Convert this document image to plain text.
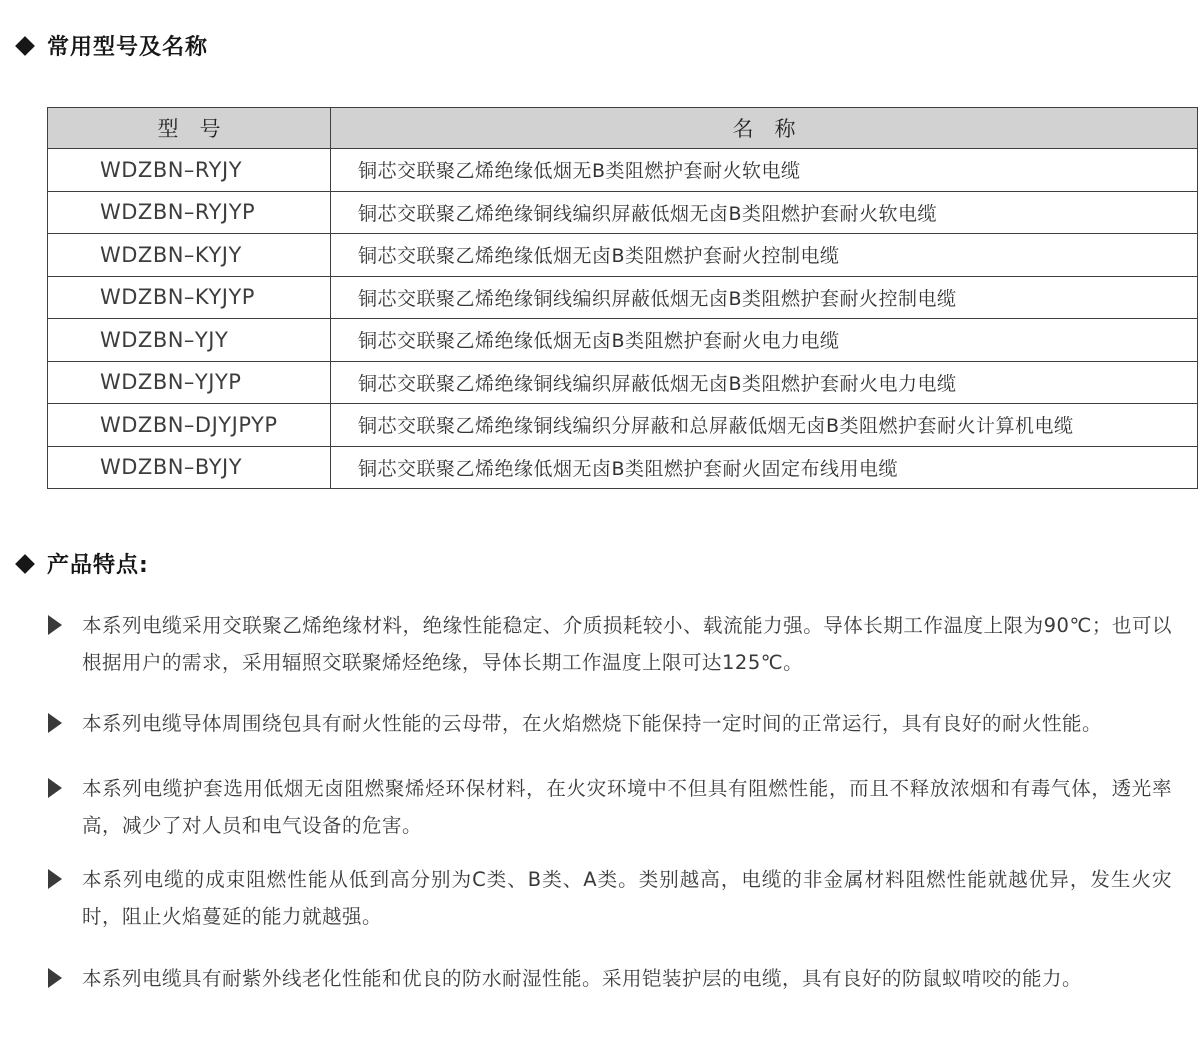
常用型号及名称
型　号	名　称
WDZBN–RYJY	铜芯交联聚乙烯绝缘低烟无B类阻燃护套耐火软电缆
WDZBN–RYJYP	铜芯交联聚乙烯绝缘铜线编织屏蔽低烟无卤B类阻燃护套耐火软电缆
WDZBN–KYJY	铜芯交联聚乙烯绝缘低烟无卤B类阻燃护套耐火控制电缆
WDZBN–KYJYP	铜芯交联聚乙烯绝缘铜线编织屏蔽低烟无卤B类阻燃护套耐火控制电缆
WDZBN–YJY	铜芯交联聚乙烯绝缘低烟无卤B类阻燃护套耐火电力电缆
WDZBN–YJYP	铜芯交联聚乙烯绝缘铜线编织屏蔽低烟无卤B类阻燃护套耐火电力电缆
WDZBN–DJYJPYP	铜芯交联聚乙烯绝缘铜线编织分屏蔽和总屏蔽低烟无卤B类阻燃护套耐火计算机电缆
WDZBN–BYJY	铜芯交联聚乙烯绝缘低烟无卤B类阻燃护套耐火固定布线用电缆
产品特点:
本系列电缆采用交联聚乙烯绝缘材料，绝缘性能稳定、介质损耗较小、载流能力强。导体长期工作温度上限为90℃；也可以根据用户的需求，采用辐照交联聚烯烃绝缘，导体长期工作温度上限可达125℃。
本系列电缆导体周围绕包具有耐火性能的云母带，在火焰燃烧下能保持一定时间的正常运行，具有良好的耐火性能。
本系列电缆护套选用低烟无卤阻燃聚烯烃环保材料，在火灾环境中不但具有阻燃性能，而且不释放浓烟和有毒气体，透光率高，减少了对人员和电气设备的危害。
本系列电缆的成束阻燃性能从低到高分别为C类、B类、A类。类别越高，电缆的非金属材料阻燃性能就越优异，发生火灾时，阻止火焰蔓延的能力就越强。
本系列电缆具有耐紫外线老化性能和优良的防水耐湿性能。采用铠装护层的电缆，具有良好的防鼠蚁啃咬的能力。
